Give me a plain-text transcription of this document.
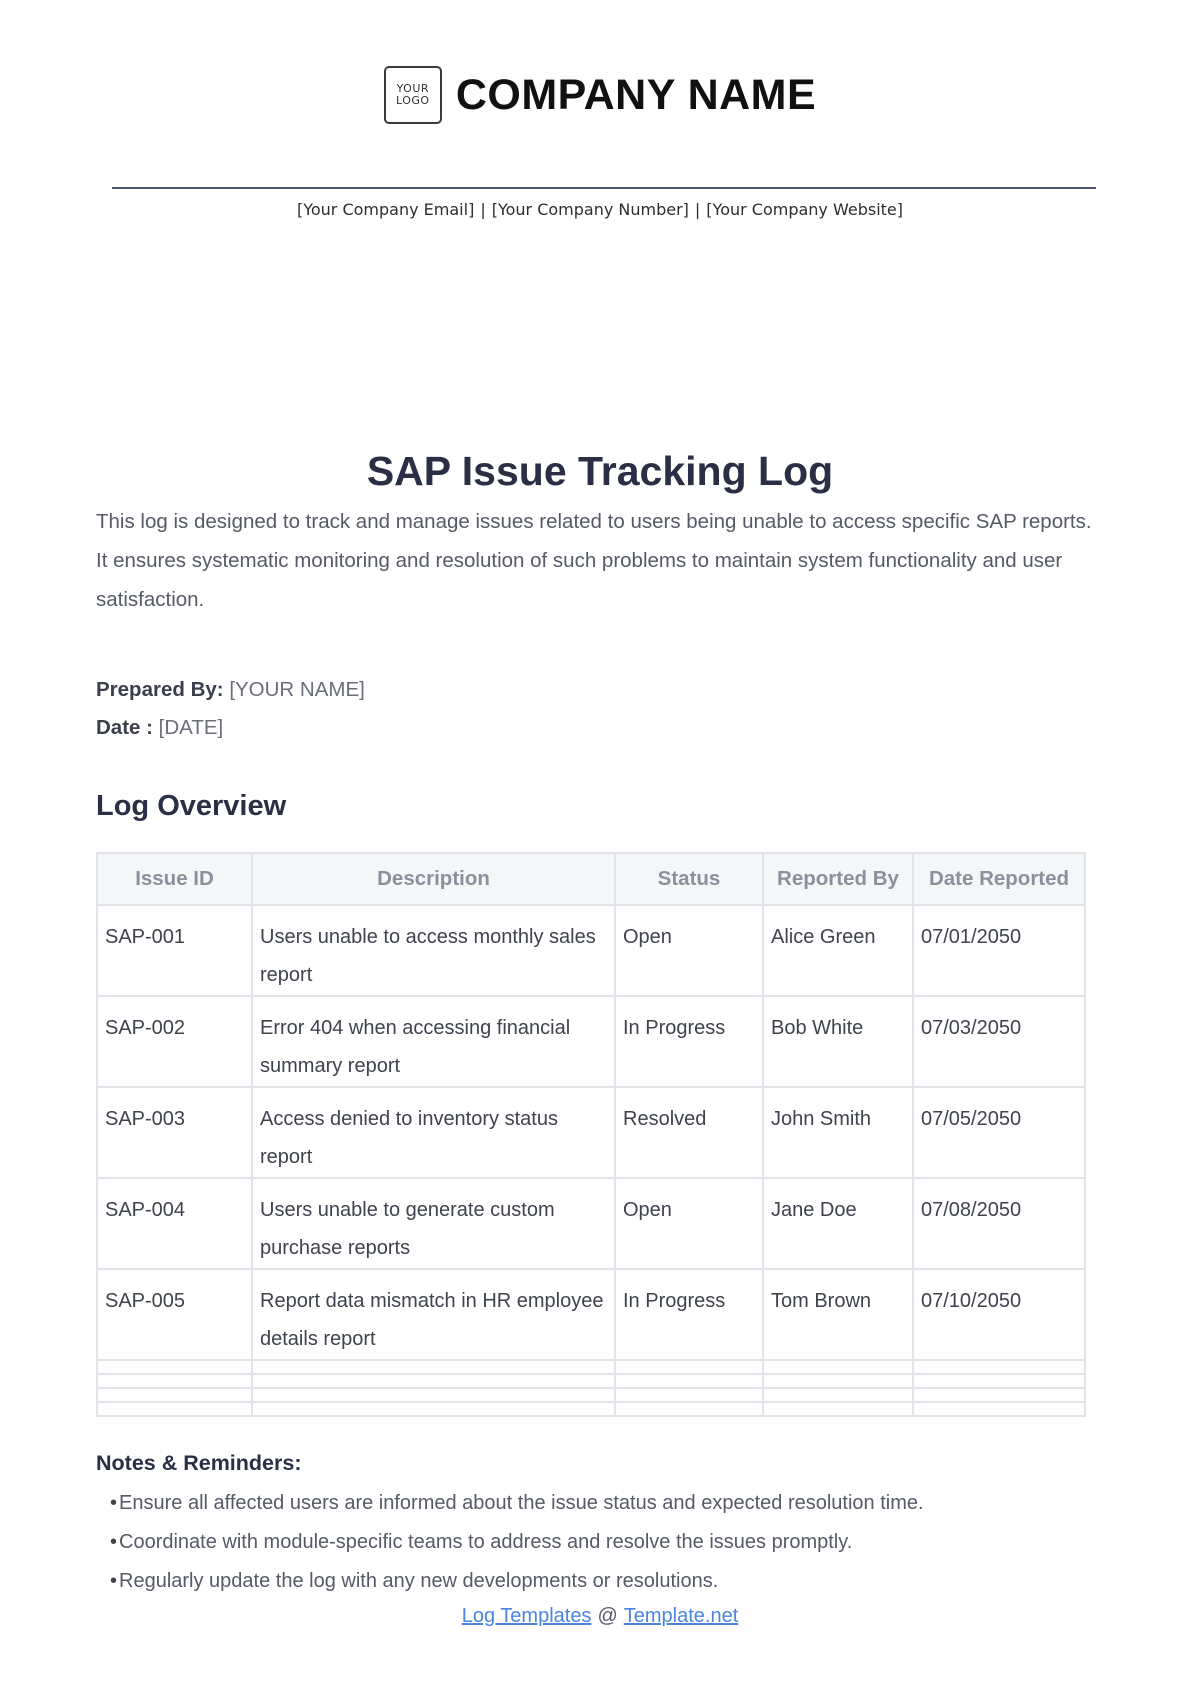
YOUR
LOGO COMPANY NAME
[Your Company Email] | [Your Company Number] | [Your Company Website]
SAP Issue Tracking Log

This log is designed to track and manage issues related to users being unable to access specific SAP reports. It ensures systematic monitoring and resolution of such problems to maintain system functionality and user satisfaction.

Prepared By: [YOUR NAME]
Date : [DATE]
Log Overview
Issue ID	Description	Status	Reported By	Date Reported
SAP-001	Users unable to access monthly sales report	Open	Alice Green	07/01/2050
SAP-002	Error 404 when accessing financial summary report	In Progress	Bob White	07/03/2050
SAP-003	Access denied to inventory status report	Resolved	John Smith	07/05/2050
SAP-004	Users unable to generate custom purchase reports	Open	Jane Doe	07/08/2050
SAP-005	Report data mismatch in HR employee details report	In Progress	Tom Brown	07/10/2050

Notes & Reminders:
• Ensure all affected users are informed about the issue status and expected resolution time.
• Coordinate with module-specific teams to address and resolve the issues promptly.
• Regularly update the log with any new developments or resolutions.
Log Templates @ Template.net
